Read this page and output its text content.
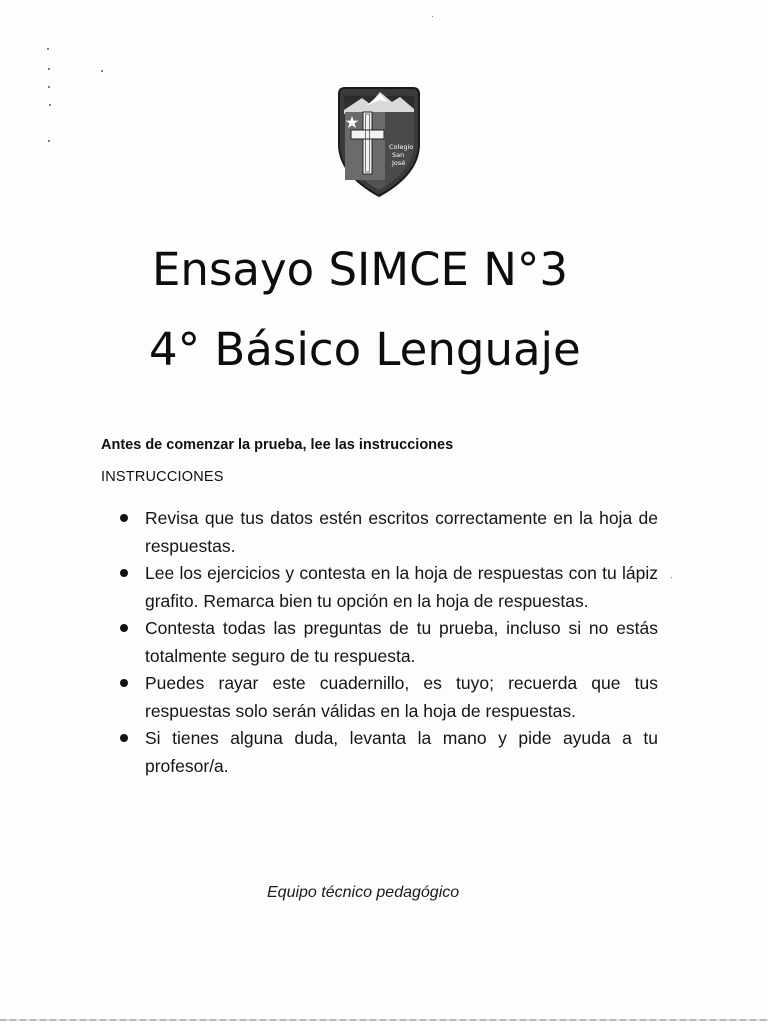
Colegio
San
José
Ensayo SIMCE N°3
4° Básico Lenguaje
Antes de comenzar la prueba, lee las instrucciones
INSTRUCCIONES
Revisa que tus datos estén escritos correctamente en la hoja de respuestas.
Lee los ejercicios y contesta en la hoja de respuestas con tu lápiz grafito. Remarca bien tu opción en la hoja de respuestas.
Contesta todas las preguntas de tu prueba, incluso si no estás totalmente seguro de tu respuesta.
Puedes rayar este cuadernillo, es tuyo; recuerda que tus respuestas solo serán válidas en la hoja de respuestas.
Si tienes alguna duda, levanta la mano y pide ayuda a tu profesor/a.
Equipo técnico pedagógico
